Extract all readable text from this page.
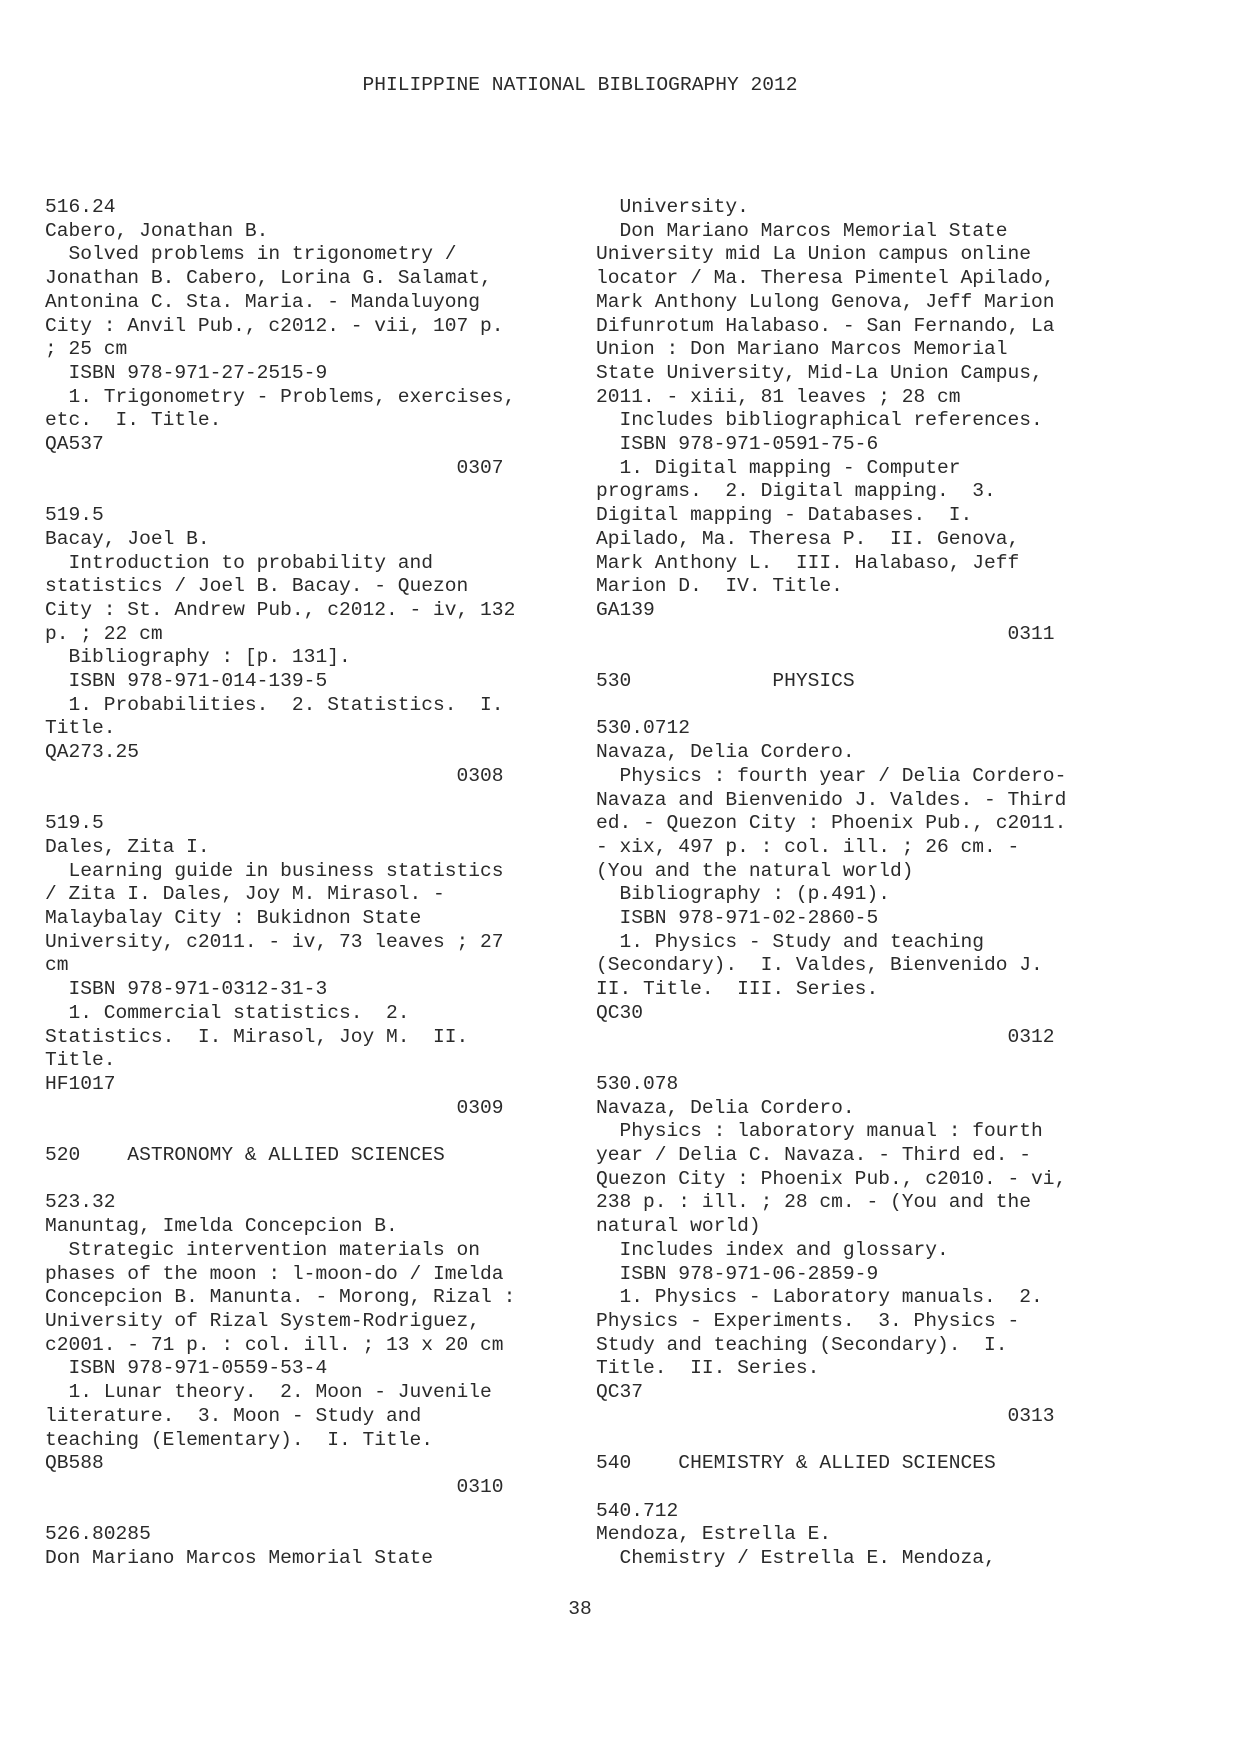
PHILIPPINE NATIONAL BIBLIOGRAPHY 2012
516.24
Cabero, Jonathan B.
Solved problems in trigonometry /
Jonathan B. Cabero, Lorina G. Salamat,
Antonina C. Sta. Maria. - Mandaluyong
City : Anvil Pub., c2012. - vii, 107 p.
; 25 cm
ISBN 978-971-27-2515-9
1. Trigonometry - Problems, exercises,
etc.  I. Title.
QA537
0307
519.5
Bacay, Joel B.
Introduction to probability and
statistics / Joel B. Bacay. - Quezon
City : St. Andrew Pub., c2012. - iv, 132
p. ; 22 cm
Bibliography : [p. 131].
ISBN 978-971-014-139-5
1. Probabilities.  2. Statistics.  I.
Title.
QA273.25
0308
519.5
Dales, Zita I.
Learning guide in business statistics
/ Zita I. Dales, Joy M. Mirasol. -
Malaybalay City : Bukidnon State
University, c2011. - iv, 73 leaves ; 27
cm
ISBN 978-971-0312-31-3
1. Commercial statistics.  2.
Statistics.  I. Mirasol, Joy M.  II.
Title.
HF1017
0309
520    ASTRONOMY & ALLIED SCIENCES
523.32
Manuntag, Imelda Concepcion B.
Strategic intervention materials on
phases of the moon : l-moon-do / Imelda
Concepcion B. Manunta. - Morong, Rizal :
University of Rizal System-Rodriguez,
c2001. - 71 p. : col. ill. ; 13 x 20 cm
ISBN 978-971-0559-53-4
1. Lunar theory.  2. Moon - Juvenile
literature.  3. Moon - Study and
teaching (Elementary).  I. Title.
QB588
0310
526.80285
Don Mariano Marcos Memorial State
University.
Don Mariano Marcos Memorial State
University mid La Union campus online
locator / Ma. Theresa Pimentel Apilado,
Mark Anthony Lulong Genova, Jeff Marion
Difunrotum Halabaso. - San Fernando, La
Union : Don Mariano Marcos Memorial
State University, Mid-La Union Campus,
2011. - xiii, 81 leaves ; 28 cm
Includes bibliographical references.
ISBN 978-971-0591-75-6
1. Digital mapping - Computer
programs.  2. Digital mapping.  3.
Digital mapping - Databases.  I.
Apilado, Ma. Theresa P.  II. Genova,
Mark Anthony L.  III. Halabaso, Jeff
Marion D.  IV. Title.
GA139
0311
530            PHYSICS
530.0712
Navaza, Delia Cordero.
Physics : fourth year / Delia Cordero-
Navaza and Bienvenido J. Valdes. - Third
ed. - Quezon City : Phoenix Pub., c2011.
- xix, 497 p. : col. ill. ; 26 cm. -
(You and the natural world)
Bibliography : (p.491).
ISBN 978-971-02-2860-5
1. Physics - Study and teaching
(Secondary).  I. Valdes, Bienvenido J.
II. Title.  III. Series.
QC30
0312
530.078
Navaza, Delia Cordero.
Physics : laboratory manual : fourth
year / Delia C. Navaza. - Third ed. -
Quezon City : Phoenix Pub., c2010. - vi,
238 p. : ill. ; 28 cm. - (You and the
natural world)
Includes index and glossary.
ISBN 978-971-06-2859-9
1. Physics - Laboratory manuals.  2.
Physics - Experiments.  3. Physics -
Study and teaching (Secondary).  I.
Title.  II. Series.
QC37
0313
540    CHEMISTRY & ALLIED SCIENCES
540.712
Mendoza, Estrella E.
Chemistry / Estrella E. Mendoza,
38
